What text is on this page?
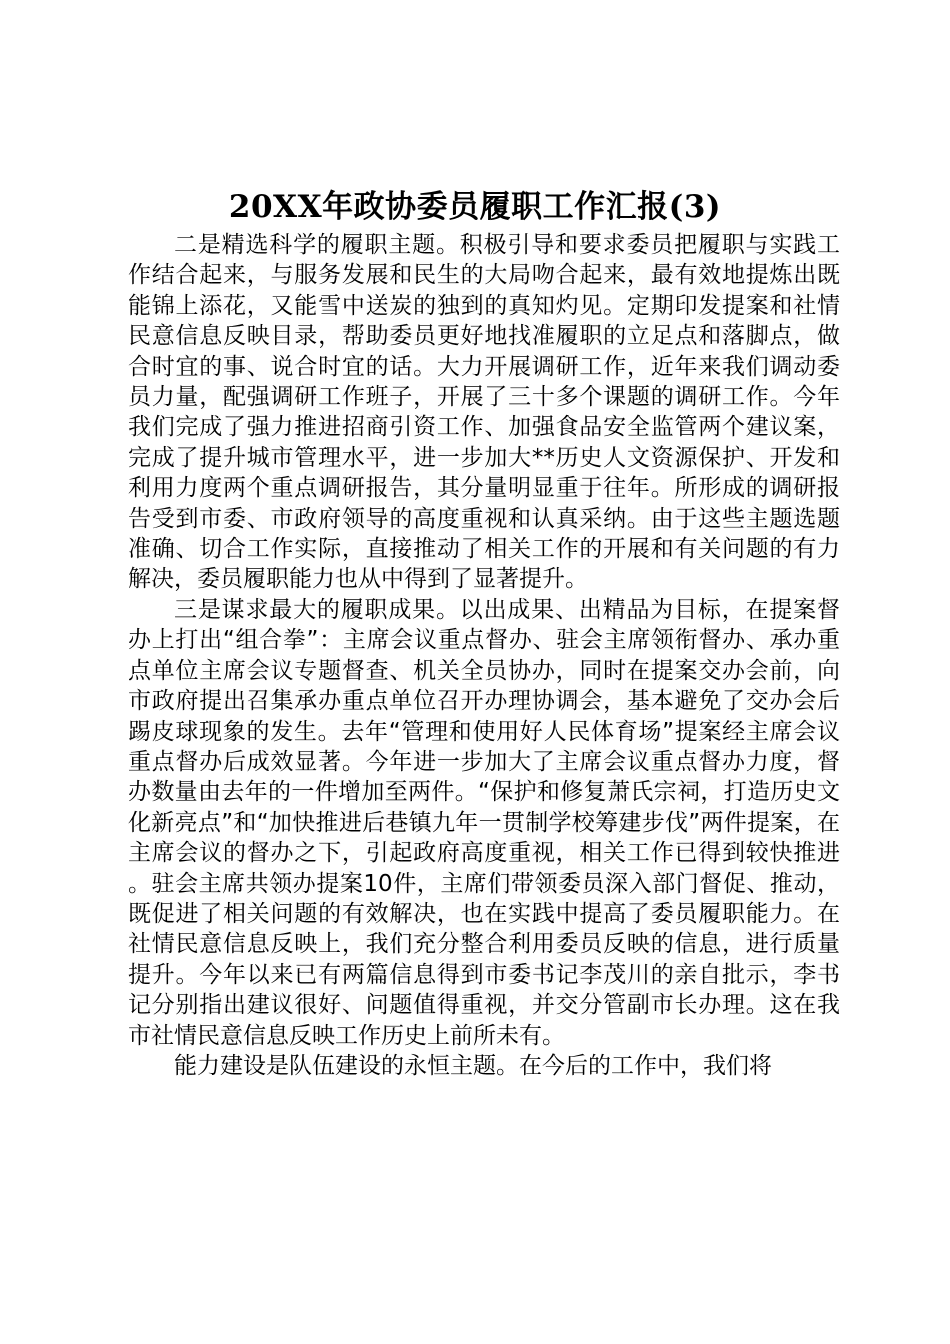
20XX年政协委员履职工作汇报(3)

二是精选科学的履职主题。积极引导和要求委员把履职与实践工作结合起来，与服务发展和民生的大局吻合起来，最有效地提炼出既能锦上添花，又能雪中送炭的独到的真知灼见。定期印发提案和社情民意信息反映目录，帮助委员更好地找准履职的立足点和落脚点，做合时宜的事、说合时宜的话。大力开展调研工作，近年来我们调动委员力量，配强调研工作班子，开展了三十多个课题的调研工作。今年我们完成了强力推进招商引资工作、加强食品安全监管两个建议案，完成了提升城市管理水平，进一步加大**历史人文资源保护、开发和利用力度两个重点调研报告，其分量明显重于往年。所形成的调研报告受到市委、市政府领导的高度重视和认真采纳。由于这些主题选题准确、切合工作实际，直接推动了相关工作的开展和有关问题的有力解决，委员履职能力也从中得到了显著提升。

三是谋求最大的履职成果。以出成果、出精品为目标，在提案督办上打出“组合拳”：主席会议重点督办、驻会主席领衔督办、承办重点单位主席会议专题督查、机关全员协办，同时在提案交办会前，向市政府提出召集承办重点单位召开办理协调会，基本避免了交办会后踢皮球现象的发生。去年“管理和使用好人民体育场”提案经主席会议重点督办后成效显著。今年进一步加大了主席会议重点督办力度，督办数量由去年的一件增加至两件。“保护和修复萧氏宗祠，打造历史文化新亮点”和“加快推进后巷镇九年一贯制学校筹建步伐”两件提案，在主席会议的督办之下，引起政府高度重视，相关工作已得到较快推进。驻会主席共领办提案10件，主席们带领委员深入部门督促、推动，既促进了相关问题的有效解决，也在实践中提高了委员履职能力。在社情民意信息反映上，我们充分整合利用委员反映的信息，进行质量提升。今年以来已有两篇信息得到市委书记李茂川的亲自批示，李书记分别指出建议很好、问题值得重视，并交分管副市长办理。这在我市社情民意信息反映工作历史上前所未有。

能力建设是队伍建设的永恒主题。在今后的工作中，我们将
